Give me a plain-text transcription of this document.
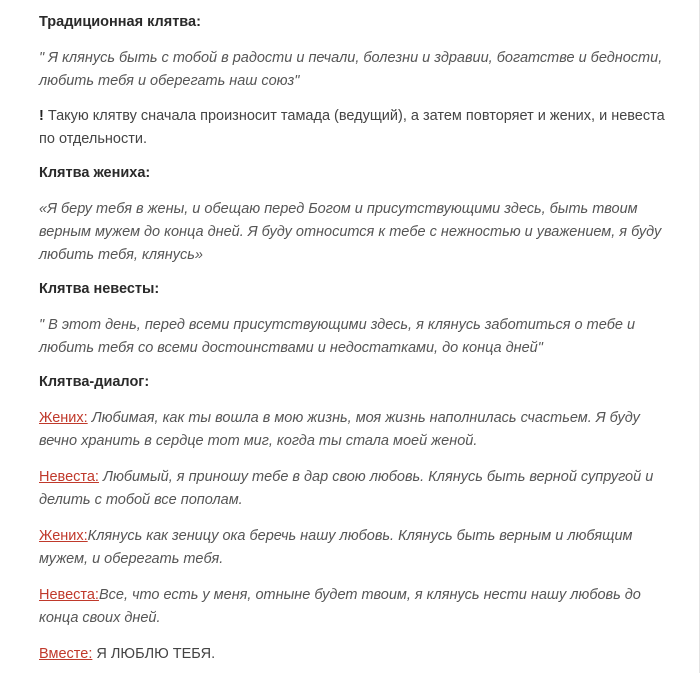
Традиционная клятва:
" Я клянусь быть с тобой в радости и печали, болезни и здравии, богатстве и бедности, любить тебя и оберегать наш союз"
! Такую клятву сначала произносит тамада (ведущий), а затем повторяет и жених, и невеста по отдельности.
Клятва жениха:
«Я беру тебя в жены, и обещаю перед Богом и присутствующими здесь, быть твоим верным мужем до конца дней. Я буду относится к тебе с нежностью и уважением, я буду любить тебя, клянусь»
Клятва невесты:
" В этот день, перед всеми присутствующими здесь, я клянусь заботиться о тебе и любить тебя со всеми достоинствами и недостатками, до конца дней"
Клятва-диалог:
Жених: Любимая, как ты вошла в мою жизнь, моя жизнь наполнилась счастьем. Я буду вечно хранить в сердце тот миг, когда ты стала моей женой.
Невеста: Любимый, я приношу тебе в дар свою любовь. Клянусь быть верной супругой и делить с тобой все пополам.
Жених:Клянусь как зеницу ока беречь нашу любовь. Клянусь быть верным и любящим мужем, и оберегать тебя.
Невеста:Все, что есть у меня, отныне будет твоим, я клянусь нести нашу любовь до конца своих дней.
Вместе: Я ЛЮБЛЮ ТЕБЯ.
